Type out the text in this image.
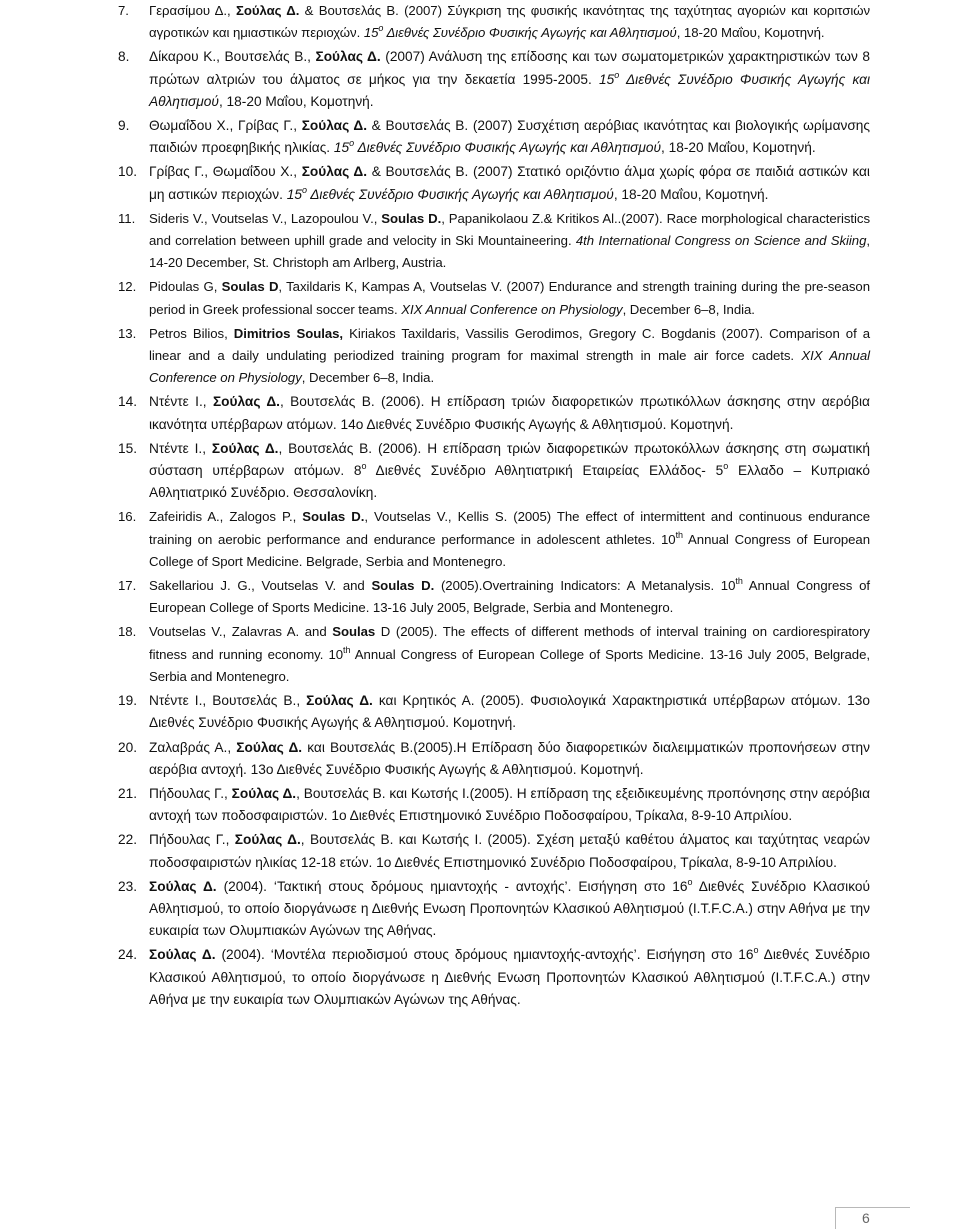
7.	Γερασίμου Δ., Σούλας Δ. & Βουτσελάς Β. (2007) Σύγκριση της φυσικής ικανότητας της ταχύτητας αγοριών και κοριτσιών αγροτικών και ημιαστικών περιοχών. $15^o$ Διεθνές Συνέδριο Φυσικής Αγωγής και Αθλητισμού, 18-20 Μαΐου, Κομοτηνή.
8.	Δίκαρου Κ., Βουτσελάς Β., Σούλας Δ. (2007) Ανάλυση της επίδοσης και των σωματομετρικών χαρακτηριστικών των 8 πρώτων αλτριών του άλματος σε μήκος για την δεκαετία 1995-2005. $15^o$ Διεθνές Συνέδριο Φυσικής Αγωγής και Αθλητισμού, 18-20 Μαΐου, Κομοτηνή.
9.	Θωμαΐδου Χ., Γρίβας Γ., Σούλας Δ. & Βουτσελάς Β. (2007) Συσχέτιση αερόβιας ικανότητας και βιολογικής ωρίμανσης παιδιών προεφηβικής ηλικίας. $15^o$ Διεθνές Συνέδριο Φυσικής Αγωγής και Αθλητισμού, 18-20 Μαΐου, Κομοτηνή.
10. Γρίβας Γ., Θωμαΐδου Χ., Σούλας Δ. & Βουτσελάς Β. (2007) Στατικό οριζόντιο άλμα χωρίς φόρα σε παιδιά αστικών και μη αστικών περιοχών. $15^o$ Διεθνές Συνέδριο Φυσικής Αγωγής και Αθλητισμού, 18-20 Μαΐου, Κομοτηνή.
11.	Sideris V., Voutselas V., Lazopoulou V., Soulas D., Papanikolaou Z.& Kritikos Al..(2007). Race morphological characteristics and correlation between uphill grade and velocity in Ski Mountaineering. 4th International Congress on Science and Skiing, 14-20 December, St. Christoph am Arlberg, Austria.
12. Pidoulas G, Soulas D, Taxildaris K, Kampas A, Voutselas V. (2007) Endurance and strength training during the pre-season period in Greek professional soccer teams. XIX Annual Conference on Physiology, December 6–8, India.
13. Petros Bilios, Dimitrios Soulas, Kiriakos Taxildaris, Vassilis Gerodimos, Gregory C. Bogdanis (2007). Comparison of a linear and a daily undulating periodized training program for maximal strength in male air force cadets. XIX Annual Conference on Physiology, December 6–8, India.
14. Ντέντε Ι., Σούλας Δ., Βουτσελάς Β. (2006). Η επίδραση τριών διαφορετικών πρωτικόλλων άσκησης στην αερόβια ικανότητα υπέρβαρων ατόμων. 14ο Διεθνές Συνέδριο Φυσικής Αγωγής & Αθλητισμού. Κομοτηνή.
15. Ντέντε Ι., Σούλας Δ., Βουτσελάς Β. (2006). Η επίδραση τριών διαφορετικών πρωτοκόλλων άσκησης στη σωματική σύσταση υπέρβαρων ατόμων. $8^o$ Διεθνές Συνέδριο Αθλητιατρική Εταιρείας Ελλάδος- $5^o$ Ελλαδο – Κυπριακό Αθλητιατρικό Συνέδριο. Θεσσαλονίκη.
16. Zafeiridis A., Zalogos P., Soulas D., Voutselas V., Kellis S. (2005) The effect of intermittent and continuous endurance training on aerobic performance and endurance performance in adolescent athletes. 10th Annual Congress of European College of Sport Medicine. Belgrade, Serbia and Montenegro.
17. Sakellariou J. G., Voutselas V. and Soulas D. (2005).Overtraining Indicators: A Metanalysis. 10th Annual Congress of European College of Sports Medicine. 13-16 July 2005, Belgrade, Serbia and Montenegro.
18. Voutselas V., Zalavras A. and Soulas D (2005). The effects of different methods of interval training on cardiorespiratory fitness and running economy. 10th Annual Congress of European College of Sports Medicine. 13-16 July 2005, Belgrade, Serbia and Montenegro.
19. Ντέντε Ι., Βουτσελάς Β., Σούλας Δ. και Κρητικός Α. (2005). Φυσιολογικά Χαρακτηριστικά υπέρβαρων ατόμων. 13ο Διεθνές Συνέδριο Φυσικής Αγωγής & Αθλητισμού. Κομοτηνή.
20. Ζαλαβράς Α., Σούλας Δ. και Βουτσελάς Β.(2005).Η Επίδραση δύο διαφορετικών διαλειμματικών προπονήσεων στην αερόβια αντοχή. 13ο Διεθνές Συνέδριο Φυσικής Αγωγής & Αθλητισμού. Κομοτηνή.
21. Πήδουλας Γ., Σούλας Δ., Βουτσελάς Β. και Κωτσής Ι.(2005). Η επίδραση της εξειδικευμένης προπόνησης στην αερόβια αντοχή των ποδοσφαιριστών. 1ο Διεθνές Επιστημονικό Συνέδριο Ποδοσφαίρου, Τρίκαλα, 8-9-10 Απριλίου.
22. Πήδουλας Γ., Σούλας Δ., Βουτσελάς Β. και Κωτσής Ι. (2005). Σχέση μεταξύ καθέτου άλματος και ταχύτητας νεαρών ποδοσφαιριστών ηλικίας 12-18 ετών. 1ο Διεθνές Επιστημονικό Συνέδριο Ποδοσφαίρου, Τρίκαλα, 8-9-10 Απριλίου.
23. Σούλας Δ. (2004). ‘Τακτική στους δρόμους ημιαντοχής - αντοχής’. Εισήγηση στο $16^o$ Διεθνές Συνέδριο Κλασικού Αθλητισμού, το οποίο διοργάνωσε η Διεθνής Ενωση Προπονητών Κλασικού Αθλητισμού (I.T.F.C.A.) στην Αθήνα με την ευκαιρία των Ολυμπιακών Αγώνων της Αθήνας.
24. Σούλας Δ. (2004). ‘Μοντέλα περιοδισμού στους δρόμους ημιαντοχής-αντοχής’. Εισήγηση στο $16^o$ Διεθνές Συνέδριο Κλασικού Αθλητισμού, το οποίο διοργάνωσε η Διεθνής Ενωση Προπονητών Κλασικού Αθλητισμού (I.T.F.C.A.) στην Αθήνα με την ευκαιρία των Ολυμπιακών Αγώνων της Αθήνας.
6
